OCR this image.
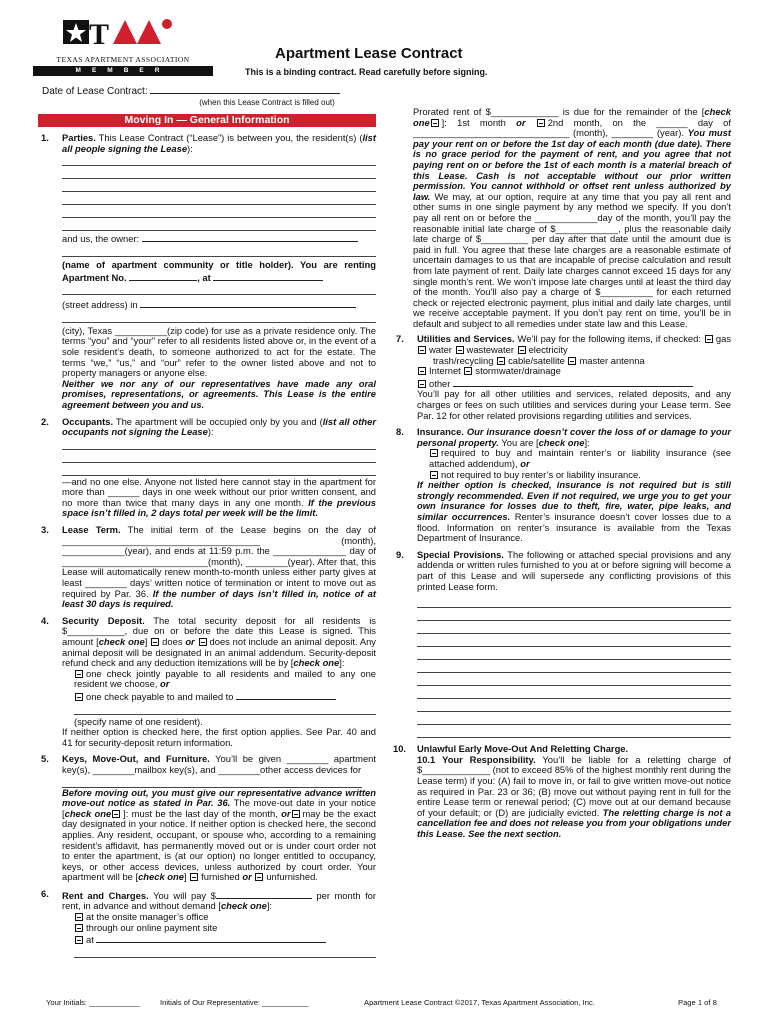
T
TEXAS APARTMENT ASSOCIATION
MEMBER
Apartment Lease Contract
This is a binding contract. Read carefully before signing.
Date of Lease Contract:
(when this Lease Contract is filled out)
Moving In — General Information
1. Parties. This Lease Contract (“Lease”) is between you, the resident(s) (list all people signing the Lease):
and us, the owner:
(name of apartment community or title holder). You are renting Apartment No.	, at
(street address) in
(city), Texas __________(zip code) for use as a private residence only. The terms “you” and “your” refer to all residents listed above or, in the event of a sole resident’s death, to someone authorized to act for the estate. The terms “we,” “us,” and “our” refer to the owner listed above and not to property managers or anyone else.
Neither we nor any of our representatives have made any oral promises, representations, or agreements. This Lease is the entire agreement between you and us.
2. Occupants. The apartment will be occupied only by you and (list all other occupants not signing the Lease):
—and no one else. Anyone not listed here cannot stay in the apartment for more than ______ days in one week without our prior written consent, and no more than twice that many days in any one month. If the previous space isn’t filled in, 2 days total per week will be the limit.
3. Lease Term. The initial term of the Lease begins on the day of ______________________________________ (month), ____________(year), and ends at 11:59 p.m. the ______________ day of ____________________________(month), ________(year). After that, this Lease will automatically renew month-to-month unless either party gives at least ________ days’ written notice of termination or intent to move out as required by Par. 36. If the number of days isn’t filled in, notice of at least 30 days is required.
4. Security Deposit. The total security deposit for all residents is $___________, due on or before the date this Lease is signed. This amount [check one] does or does not include an animal deposit. Any animal deposit will be designated in an animal addendum. Security-deposit refund check and any deduction itemizations will be by [check one]:
one check jointly payable to all residents and mailed to any one resident we choose, or
one check payable to and mailed to
(specify name of one resident).
If neither option is checked here, the first option applies. See Par. 40 and 41 for security-deposit return information.
5. Keys, Move-Out, and Furniture. You’ll be given ________ apartment key(s), ________mailbox key(s), and ________other access devices for
Before moving out, you must give our representative advance written move-out notice as stated in Par. 36. The move-out date in your notice [check one ]: must be the last day of the month, or may be the exact day designated in your notice. If neither option is checked here, the second applies. Any resident, occupant, or spouse who, according to a remaining resident’s affidavit, has permanently moved out or is under court order not to enter the apartment, is (at our option) no longer entitled to occupancy, keys, or other access devices, unless authorized by court order. Your apartment will be [check one] furnished or unfurnished.
6. Rent and Charges. You will pay $	per month for rent, in advance and without demand [check one]:
at the onsite manager’s office
through our online payment site
at
Prorated rent of $_____________ is due for the remainder of the [check one ]: 1st month or 2nd month, on the ______ day of ______________________________ (month), ________ (year). You must pay your rent on or before the 1st day of each month (due date). There is no grace period for the payment of rent, and you agree that not paying rent on or before the 1st of each month is a material breach of this Lease. Cash is not acceptable without our prior written permission. You cannot withhold or offset rent unless authorized by law. We may, at our option, require at any time that you pay all rent and other sums in one single payment by any method we specify. If you don’t pay all rent on or before the ____________day of the month, you’ll pay the reasonable initial late charge of $____________, plus the reasonable daily late charge of $_________ per day after that date until the amount due is paid in full. You agree that these late charges are a reasonable estimate of uncertain damages to us that are incapable of precise calculation and result from late payment of rent. Daily late charges cannot exceed 15 days for any single month’s rent. We won’t impose late charges until at least the third day of the month. You’ll also pay a charge of $__________ for each returned check or rejected electronic payment, plus initial and daily late charges, until we receive acceptable payment. If you don’t pay rent on time, you’ll be in default and subject to all remedies under state law and this Lease.
7. Utilities and Services. We’ll pay for the following items, if checked: gas water wastewater electricity
trash/recycling cable/satellite master antenna
Internet stormwater/drainage
other
You’ll pay for all other utilities and services, related deposits, and any charges or fees on such utilities and services during your Lease term. See Par. 12 for other related provisions regarding utilities and services.
8. Insurance. Our insurance doesn’t cover the loss of or damage to your personal property. You are [check one]:
required to buy and maintain renter’s or liability insurance (see attached addendum), or
not required to buy renter’s or liability insurance.
If neither option is checked, insurance is not required but is still strongly recommended. Even if not required, we urge you to get your own insurance for losses due to theft, fire, water, pipe leaks, and similar occurrences. Renter’s insurance doesn’t cover losses due to a flood. Information on renter’s insurance is available from the Texas Department of Insurance.
9. Special Provisions. The following or attached special provisions and any addenda or written rules furnished to you at or before signing will become a part of this Lease and will supersede any conflicting provisions of this printed Lease form.
10. Unlawful Early Move-Out And Reletting Charge.
10.1 Your Responsibility. You’ll be liable for a reletting charge of $_____________ (not to exceed 85% of the highest monthly rent during the Lease term) if you: (A) fail to move in, or fail to give written move-out notice as required in Par. 23 or 36; (B) move out without paying rent in full for the entire Lease term or renewal period; (C) move out at our demand because of your default; or (D) are judicially evicted. The reletting charge is not a cancellation fee and does not release you from your obligations under this Lease. See the next section.
Your Initials: ____________	Initials of Our Representative: ___________	Apartment Lease Contract ©2017, Texas Apartment Association, Inc.	Page 1 of 8
